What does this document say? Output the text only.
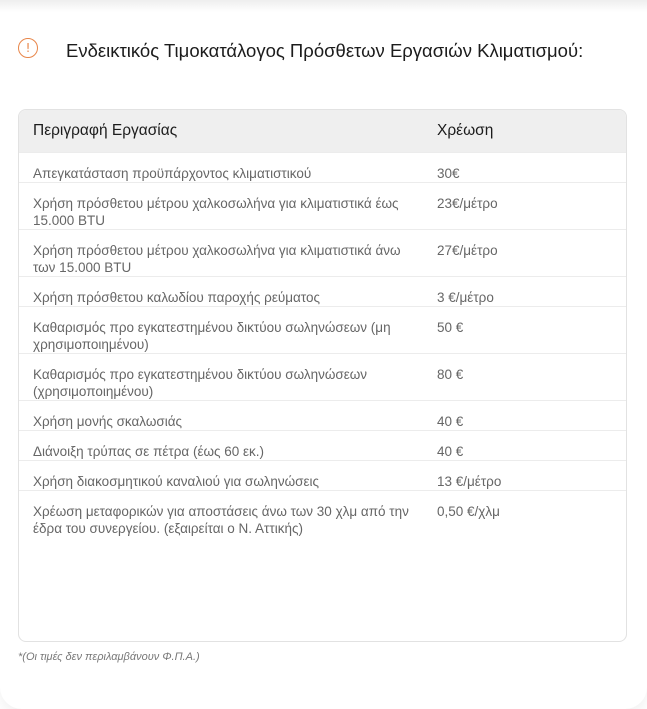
!	Ενδεικτικός Τιμοκατάλογος Πρόσθετων Εργασιών Κλιματισμού:
Περιγραφή Εργασίας	Χρέωση
Απεγκατάσταση προϋπάρχοντος κλιματιστικού	30€
Χρήση πρόσθετου μέτρου χαλκοσωλήνα για κλιματιστικά έως 15.000 BTU	23€/μέτρο
Χρήση πρόσθετου μέτρου χαλκοσωλήνα για κλιματιστικά άνω των 15.000 BTU	27€/μέτρο
Χρήση πρόσθετου καλωδίου παροχής ρεύματος	3 €/μέτρο
Καθαρισμός προ εγκατεστημένου δικτύου σωληνώσεων (μη χρησιμοποιημένου)	50 €
Καθαρισμός προ εγκατεστημένου δικτύου σωληνώσεων (χρησιμοποιημένου)	80 €
Χρήση μονής σκαλωσιάς	40 €
Διάνοιξη τρύπας σε πέτρα (έως 60 εκ.)	40 €
Χρήση διακοσμητικού καναλιού για σωληνώσεις	13 €/μέτρο
Χρέωση μεταφορικών για αποστάσεις άνω των 30 χλμ από την έδρα του συνεργείου. (εξαιρείται ο Ν. Αττικής)	0,50 €/χλμ
*(Οι τιμές δεν περιλαμβάνουν Φ.Π.Α.)
